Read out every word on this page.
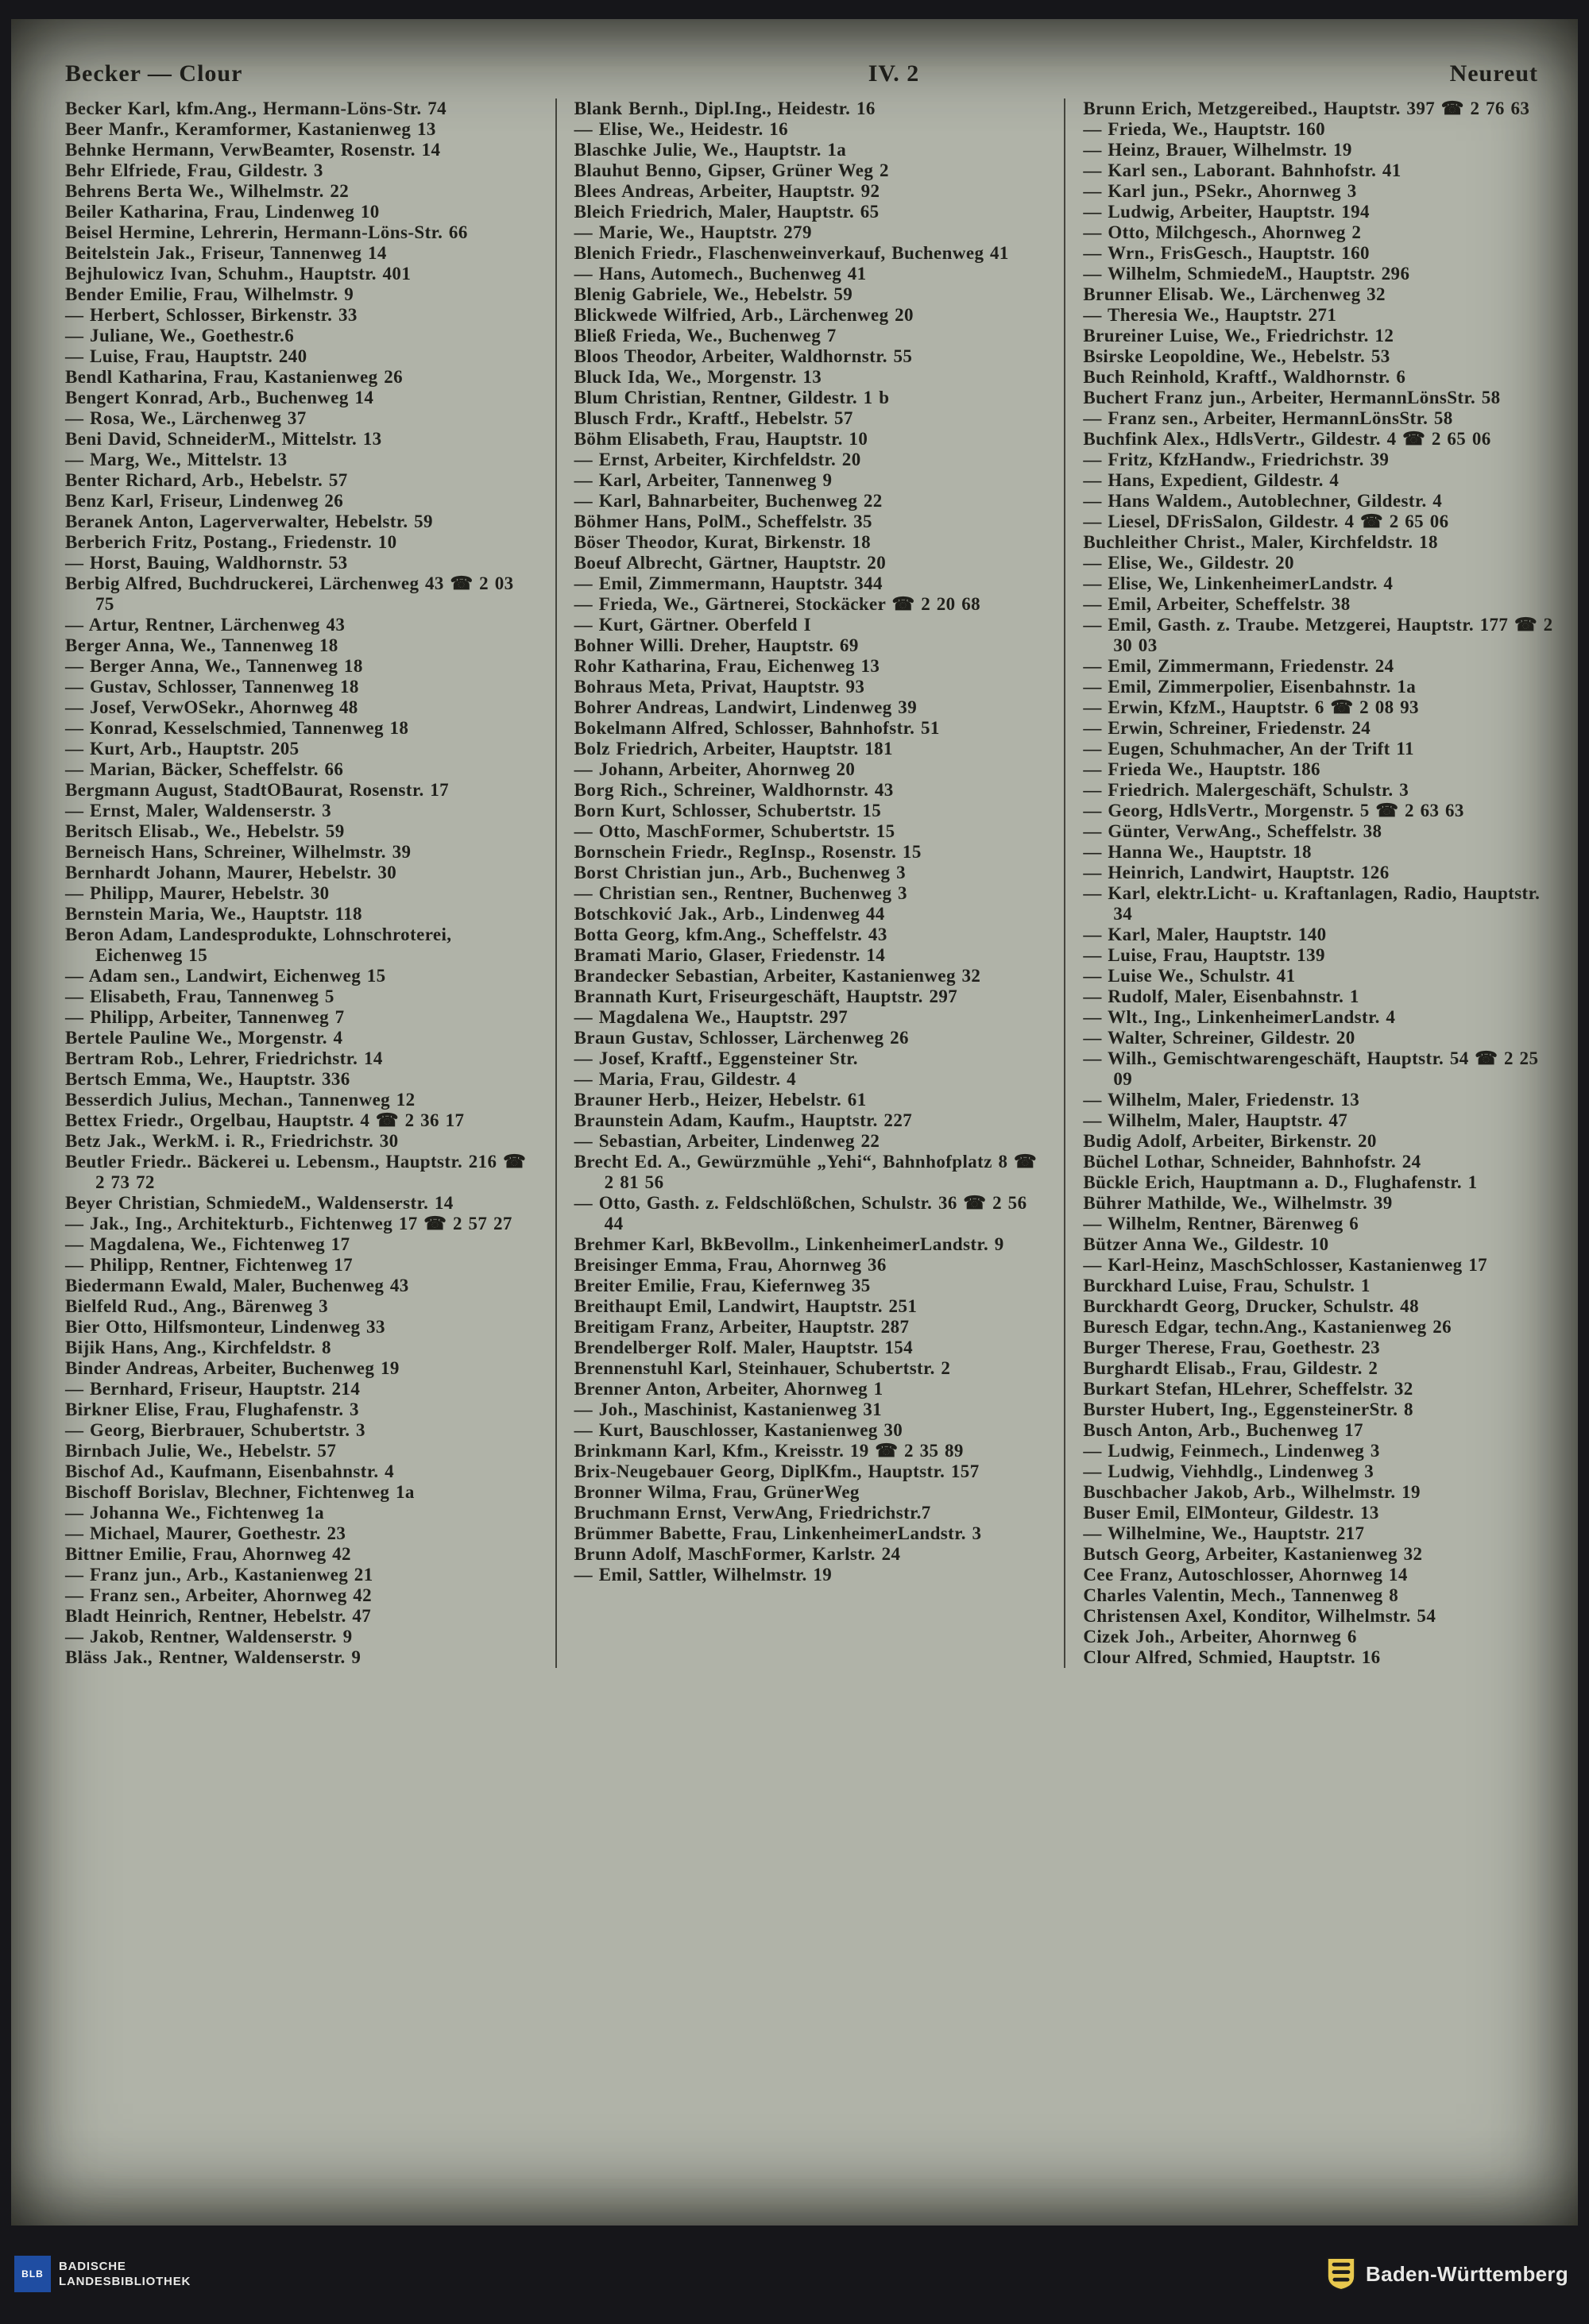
Becker — Clour	IV. 2	Neureut
Becker Karl, kfm.Ang., Hermann-Löns-Str. 74
Beer Manfr., Keramformer, Kastanienweg 13
Behnke Hermann, VerwBeamter, Rosenstr. 14
Behr Elfriede, Frau, Gildestr. 3
Behrens Berta We., Wilhelmstr. 22
Beiler Katharina, Frau, Lindenweg 10
Beisel Hermine, Lehrerin, Hermann-Löns-Str. 66
Beitelstein Jak., Friseur, Tannenweg 14
Bejhulowicz Ivan, Schuhm., Hauptstr. 401
Bender Emilie, Frau, Wilhelmstr. 9
— Herbert, Schlosser, Birkenstr. 33
— Juliane, We., Goethestr.6
— Luise, Frau, Hauptstr. 240
Bendl Katharina, Frau, Kastanienweg 26
Bengert Konrad, Arb., Buchenweg 14
— Rosa, We., Lärchenweg 37
Beni David, SchneiderM., Mittelstr. 13
— Marg, We., Mittelstr. 13
Benter Richard, Arb., Hebelstr. 57
Benz Karl, Friseur, Lindenweg 26
Beranek Anton, Lagerverwalter, Hebelstr. 59
Berberich Fritz, Postang., Friedenstr. 10
— Horst, Bauing, Waldhornstr. 53
Berbig Alfred, Buchdruckerei, Lärchenweg 43 ☎ 2 03 75
— Artur, Rentner, Lärchenweg 43
Berger Anna, We., Tannenweg 18
— Berger Anna, We., Tannenweg 18
— Gustav, Schlosser, Tannenweg 18
— Josef, VerwOSekr., Ahornweg 48
— Konrad, Kesselschmied, Tannenweg 18
— Kurt, Arb., Hauptstr. 205
— Marian, Bäcker, Scheffelstr. 66
Bergmann August, StadtOBaurat, Rosenstr. 17
— Ernst, Maler, Waldenserstr. 3
Beritsch Elisab., We., Hebelstr. 59
Berneisch Hans, Schreiner, Wilhelmstr. 39
Bernhardt Johann, Maurer, Hebelstr. 30
— Philipp, Maurer, Hebelstr. 30
Bernstein Maria, We., Hauptstr. 118
Beron Adam, Landesprodukte, Lohnschroterei, Eichenweg 15
— Adam sen., Landwirt, Eichenweg 15
— Elisabeth, Frau, Tannenweg 5
— Philipp, Arbeiter, Tannenweg 7
Bertele Pauline We., Morgenstr. 4
Bertram Rob., Lehrer, Friedrichstr. 14
Bertsch Emma, We., Hauptstr. 336
Besserdich Julius, Mechan., Tannenweg 12
Bettex Friedr., Orgelbau, Hauptstr. 4 ☎ 2 36 17
Betz Jak., WerkM. i. R., Friedrichstr. 30
Beutler Friedr.. Bäckerei u. Lebensm., Hauptstr. 216 ☎ 2 73 72
Beyer Christian, SchmiedeM., Waldenserstr. 14
— Jak., Ing., Architekturb., Fichtenweg 17 ☎ 2 57 27
— Magdalena, We., Fichtenweg 17
— Philipp, Rentner, Fichtenweg 17
Biedermann Ewald, Maler, Buchenweg 43
Bielfeld Rud., Ang., Bärenweg 3
Bier Otto, Hilfsmonteur, Lindenweg 33
Bijik Hans, Ang., Kirchfeldstr. 8
Binder Andreas, Arbeiter, Buchenweg 19
— Bernhard, Friseur, Hauptstr. 214
Birkner Elise, Frau, Flughafenstr. 3
— Georg, Bierbrauer, Schubertstr. 3
Birnbach Julie, We., Hebelstr. 57
Bischof Ad., Kaufmann, Eisenbahnstr. 4
Bischoff Borislav, Blechner, Fichtenweg 1a
— Johanna We., Fichtenweg 1a
— Michael, Maurer, Goethestr. 23
Bittner Emilie, Frau, Ahornweg 42
— Franz jun., Arb., Kastanienweg 21
— Franz sen., Arbeiter, Ahornweg 42
Bladt Heinrich, Rentner, Hebelstr. 47
— Jakob, Rentner, Waldenserstr. 9
Bläss Jak., Rentner, Waldenserstr. 9
Blank Bernh., Dipl.Ing., Heidestr. 16
— Elise, We., Heidestr. 16
Blaschke Julie, We., Hauptstr. 1a
Blauhut Benno, Gipser, Grüner Weg 2
Blees Andreas, Arbeiter, Hauptstr. 92
Bleich Friedrich, Maler, Hauptstr. 65
— Marie, We., Hauptstr. 279
Blenich Friedr., Flaschenweinverkauf, Buchenweg 41
— Hans, Automech., Buchenweg 41
Blenig Gabriele, We., Hebelstr. 59
Blickwede Wilfried, Arb., Lärchenweg 20
Bließ Frieda, We., Buchenweg 7
Bloos Theodor, Arbeiter, Waldhornstr. 55
Bluck Ida, We., Morgenstr. 13
Blum Christian, Rentner, Gildestr. 1 b
Blusch Frdr., Kraftf., Hebelstr. 57
Böhm Elisabeth, Frau, Hauptstr. 10
— Ernst, Arbeiter, Kirchfeldstr. 20
— Karl, Arbeiter, Tannenweg 9
— Karl, Bahnarbeiter, Buchenweg 22
Böhmer Hans, PolM., Scheffelstr. 35
Böser Theodor, Kurat, Birkenstr. 18
Boeuf Albrecht, Gärtner, Hauptstr. 20
— Emil, Zimmermann, Hauptstr. 344
— Frieda, We., Gärtnerei, Stockäcker ☎ 2 20 68
— Kurt, Gärtner. Oberfeld I
Bohner Willi. Dreher, Hauptstr. 69
Rohr Katharina, Frau, Eichenweg 13
Bohraus Meta, Privat, Hauptstr. 93
Bohrer Andreas, Landwirt, Lindenweg 39
Bokelmann Alfred, Schlosser, Bahnhofstr. 51
Bolz Friedrich, Arbeiter, Hauptstr. 181
— Johann, Arbeiter, Ahornweg 20
Borg Rich., Schreiner, Waldhornstr. 43
Born Kurt, Schlosser, Schubertstr. 15
— Otto, MaschFormer, Schubertstr. 15
Bornschein Friedr., RegInsp., Rosenstr. 15
Borst Christian jun., Arb., Buchenweg 3
— Christian sen., Rentner, Buchenweg 3
Botschković Jak., Arb., Lindenweg 44
Botta Georg, kfm.Ang., Scheffelstr. 43
Bramati Mario, Glaser, Friedenstr. 14
Brandecker Sebastian, Arbeiter, Kastanienweg 32
Brannath Kurt, Friseurgeschäft, Hauptstr. 297
— Magdalena We., Hauptstr. 297
Braun Gustav, Schlosser, Lärchenweg 26
— Josef, Kraftf., Eggensteiner Str.
— Maria, Frau, Gildestr. 4
Brauner Herb., Heizer, Hebelstr. 61
Braunstein Adam, Kaufm., Hauptstr. 227
— Sebastian, Arbeiter, Lindenweg 22
Brecht Ed. A., Gewürzmühle „Yehi“, Bahnhofplatz 8 ☎ 2 81 56
— Otto, Gasth. z. Feldschlößchen, Schulstr. 36 ☎ 2 56 44
Brehmer Karl, BkBevollm., LinkenheimerLandstr. 9
Breisinger Emma, Frau, Ahornweg 36
Breiter Emilie, Frau, Kiefernweg 35
Breithaupt Emil, Landwirt, Hauptstr. 251
Breitigam Franz, Arbeiter, Hauptstr. 287
Brendelberger Rolf. Maler, Hauptstr. 154
Brennenstuhl Karl, Steinhauer, Schubertstr. 2
Brenner Anton, Arbeiter, Ahornweg 1
— Joh., Maschinist, Kastanienweg 31
— Kurt, Bauschlosser, Kastanienweg 30
Brinkmann Karl, Kfm., Kreisstr. 19 ☎ 2 35 89
Brix-Neugebauer Georg, DiplKfm., Hauptstr. 157
Bronner Wilma, Frau, GrünerWeg
Bruchmann Ernst, VerwAng, Friedrichstr.7
Brümmer Babette, Frau, LinkenheimerLandstr. 3
Brunn Adolf, MaschFormer, Karlstr. 24
— Emil, Sattler, Wilhelmstr. 19
Brunn Erich, Metzgereibed., Hauptstr. 397 ☎ 2 76 63
— Frieda, We., Hauptstr. 160
— Heinz, Brauer, Wilhelmstr. 19
— Karl sen., Laborant. Bahnhofstr. 41
— Karl jun., PSekr., Ahornweg 3
— Ludwig, Arbeiter, Hauptstr. 194
— Otto, Milchgesch., Ahornweg 2
— Wrn., FrisGesch., Hauptstr. 160
— Wilhelm, SchmiedeM., Hauptstr. 296
Brunner Elisab. We., Lärchenweg 32
— Theresia We., Hauptstr. 271
Brureiner Luise, We., Friedrichstr. 12
Bsirske Leopoldine, We., Hebelstr. 53
Buch Reinhold, Kraftf., Waldhornstr. 6
Buchert Franz jun., Arbeiter, HermannLönsStr. 58
— Franz sen., Arbeiter, HermannLönsStr. 58
Buchfink Alex., HdlsVertr., Gildestr. 4 ☎ 2 65 06
— Fritz, KfzHandw., Friedrichstr. 39
— Hans, Expedient, Gildestr. 4
— Hans Waldem., Autoblechner, Gildestr. 4
— Liesel, DFrisSalon, Gildestr. 4 ☎ 2 65 06
Buchleither Christ., Maler, Kirchfeldstr. 18
— Elise, We., Gildestr. 20
— Elise, We, LinkenheimerLandstr. 4
— Emil, Arbeiter, Scheffelstr. 38
— Emil, Gasth. z. Traube. Metzgerei, Hauptstr. 177 ☎ 2 30 03
— Emil, Zimmermann, Friedenstr. 24
— Emil, Zimmerpolier, Eisenbahnstr. 1a
— Erwin, KfzM., Hauptstr. 6 ☎ 2 08 93
— Erwin, Schreiner, Friedenstr. 24
— Eugen, Schuhmacher, An der Trift 11
— Frieda We., Hauptstr. 186
— Friedrich. Malergeschäft, Schulstr. 3
— Georg, HdlsVertr., Morgenstr. 5 ☎ 2 63 63
— Günter, VerwAng., Scheffelstr. 38
— Hanna We., Hauptstr. 18
— Heinrich, Landwirt, Hauptstr. 126
— Karl, elektr.Licht- u. Kraftanlagen, Radio, Hauptstr. 34
— Karl, Maler, Hauptstr. 140
— Luise, Frau, Hauptstr. 139
— Luise We., Schulstr. 41
— Rudolf, Maler, Eisenbahnstr. 1
— Wlt., Ing., LinkenheimerLandstr. 4
— Walter, Schreiner, Gildestr. 20
— Wilh., Gemischtwarengeschäft, Hauptstr. 54 ☎ 2 25 09
— Wilhelm, Maler, Friedenstr. 13
— Wilhelm, Maler, Hauptstr. 47
Budig Adolf, Arbeiter, Birkenstr. 20
Büchel Lothar, Schneider, Bahnhofstr. 24
Bückle Erich, Hauptmann a. D., Flughafenstr. 1
Bührer Mathilde, We., Wilhelmstr. 39
— Wilhelm, Rentner, Bärenweg 6
Bützer Anna We., Gildestr. 10
— Karl-Heinz, MaschSchlosser, Kastanienweg 17
Burckhard Luise, Frau, Schulstr. 1
Burckhardt Georg, Drucker, Schulstr. 48
Buresch Edgar, techn.Ang., Kastanienweg 26
Burger Therese, Frau, Goethestr. 23
Burghardt Elisab., Frau, Gildestr. 2
Burkart Stefan, HLehrer, Scheffelstr. 32
Burster Hubert, Ing., EggensteinerStr. 8
Busch Anton, Arb., Buchenweg 17
— Ludwig, Feinmech., Lindenweg 3
— Ludwig, Viehhdlg., Lindenweg 3
Buschbacher Jakob, Arb., Wilhelmstr. 19
Buser Emil, ElMonteur, Gildestr. 13
— Wilhelmine, We., Hauptstr. 217
Butsch Georg, Arbeiter, Kastanienweg 32
Cee Franz, Autoschlosser, Ahornweg 14
Charles Valentin, Mech., Tannenweg 8
Christensen Axel, Konditor, Wilhelmstr. 54
Cizek Joh., Arbeiter, Ahornweg 6
Clour Alfred, Schmied, Hauptstr. 16
BLB
BADISCHE
LANDESBIBLIOTHEK	Baden-Württemberg
